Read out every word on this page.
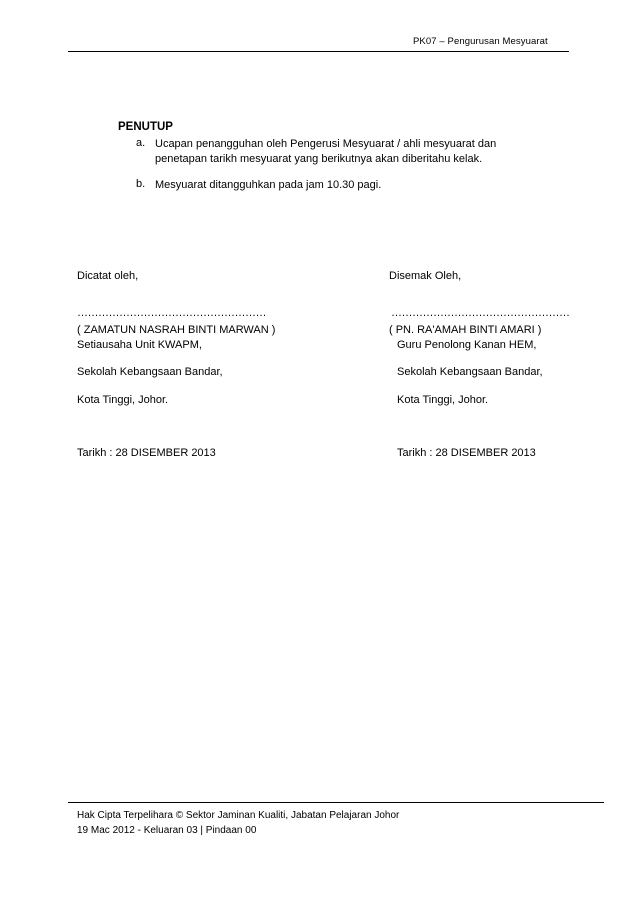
PK07 – Pengurusan Mesyuarat
PENUTUP
a. Ucapan penangguhan oleh Pengerusi Mesyuarat / ahli mesyuarat dan
penetapan tarikh mesyuarat yang berikutnya akan diberitahu kelak.
b. Mesyuarat ditangguhkan pada jam 10.30 pagi.
Dicatat oleh,
………………………………………………
( ZAMATUN NASRAH BINTI MARWAN )
Setiausaha Unit KWAPM,
Sekolah Kebangsaan Bandar,
Kota Tinggi, Johor.
Tarikh : 28 DISEMBER 2013
Disemak Oleh,
……………………………………………
( PN. RA'AMAH BINTI AMARI )
Guru Penolong Kanan HEM,
Sekolah Kebangsaan Bandar,
Kota Tinggi, Johor.
Tarikh : 28 DISEMBER 2013
Hak Cipta Terpelihara © Sektor Jaminan Kualiti, Jabatan Pelajaran Johor
19 Mac 2012 - Keluaran 03 | Pindaan 00
